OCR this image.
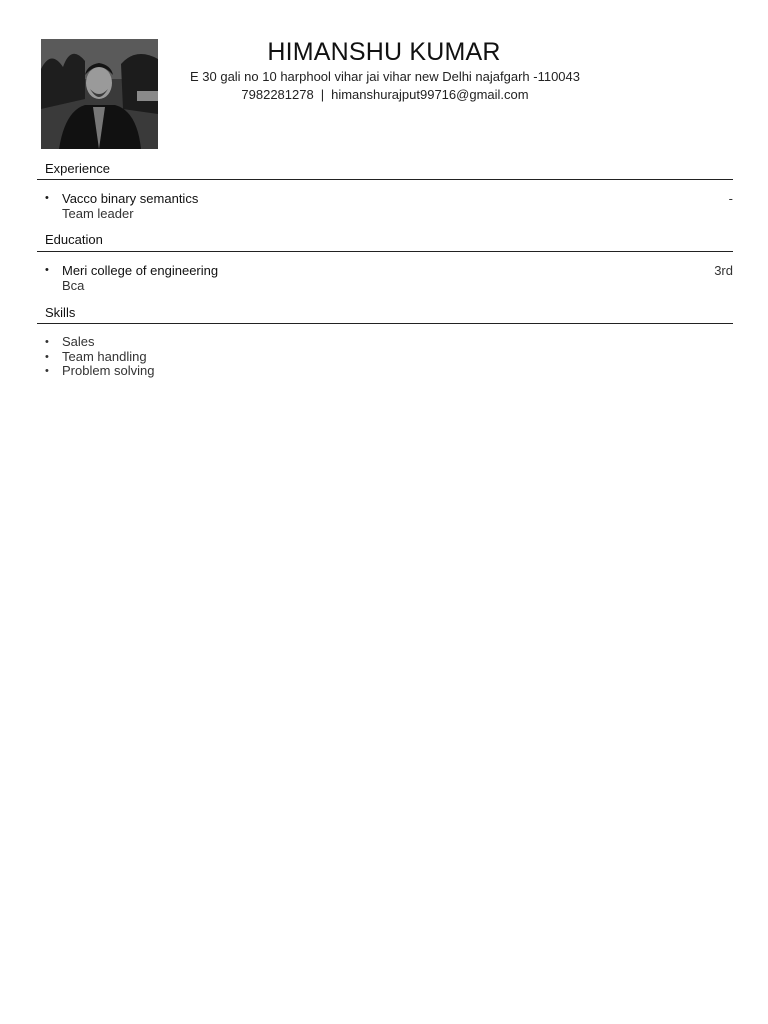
HIMANSHU KUMAR
E 30 gali no 10 harphool vihar jai vihar new Delhi najafgarh -110043
7982281278 | himanshurajput99716@gmail.com
Experience
• Vacco binary semantics
Team leader
-
Education
• Meri college of engineering
Bca
3rd
Skills
• Sales
• Team handling
• Problem solving
